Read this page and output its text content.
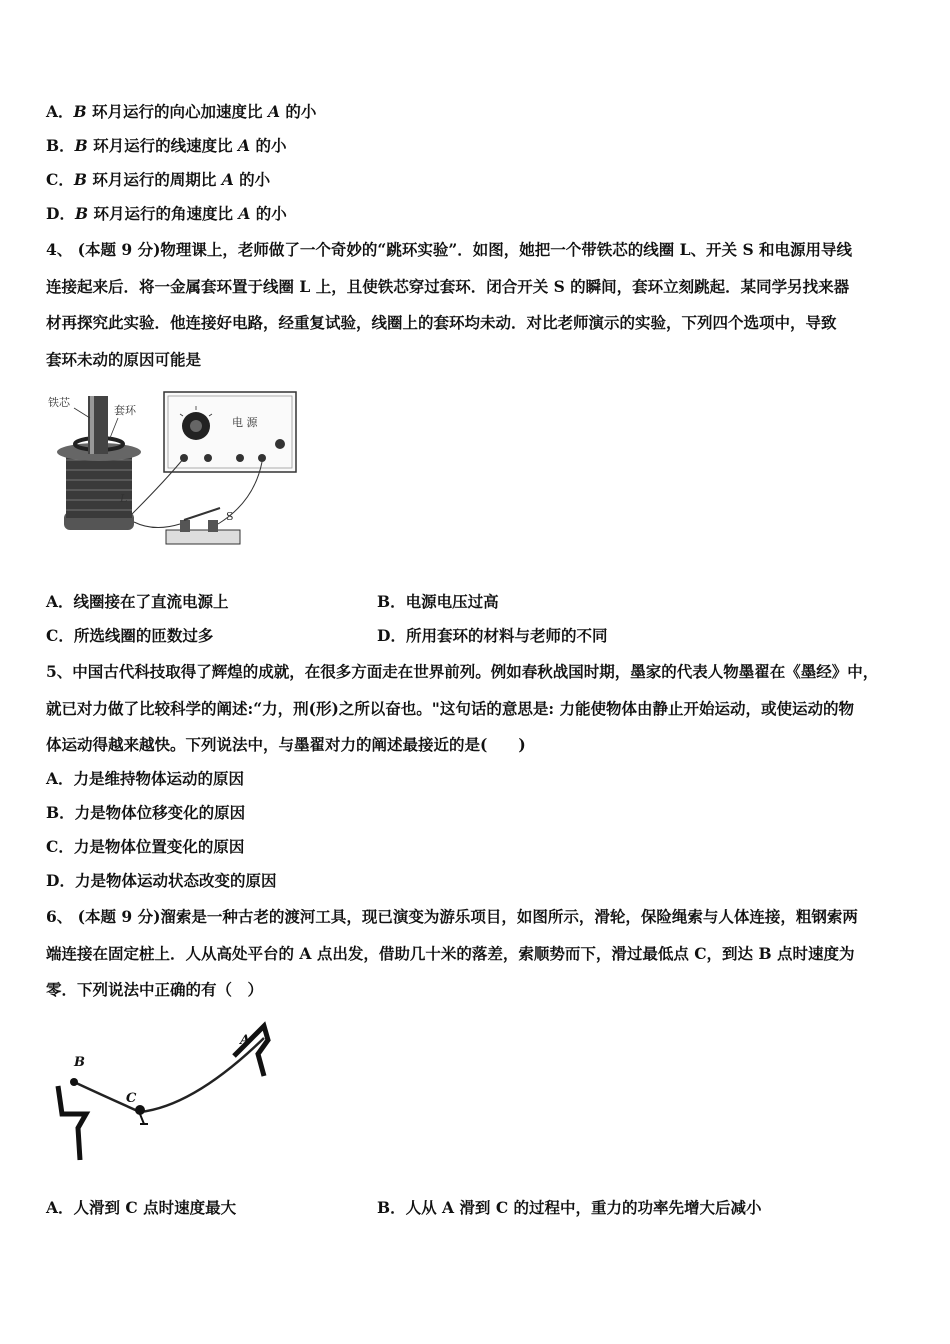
A．B 环月运行的向心加速度比 A 的小
B．B 环月运行的线速度比 A 的小
C．B 环月运行的周期比 A 的小
D．B 环月运行的角速度比 A 的小
4、 (本题 9 分)物理课上，老师做了一个奇妙的“跳环实验”．如图，她把一个带铁芯的线圈 L、开关 S 和电源用导线
连接起来后．将一金属套环置于线圈 L 上，且使铁芯穿过套环．闭合开关 S 的瞬间，套环立刻跳起．某同学另找来器
材再探究此实验．他连接好电路，经重复试验，线圈上的套环均未动．对比老师演示的实验，下列四个选项中，导致
套环未动的原因可能是
铁芯
套环
L
电 源
S
A．线圈接在了直流电源上	B．电源电压过高
C．所选线圈的匝数过多	D．所用套环的材料与老师的不同
5、中国古代科技取得了辉煌的成就，在很多方面走在世界前列。例如春秋战国时期，墨家的代表人物墨翟在《墨经》中，
就已对力做了比较科学的阐述:“力，刑(形)之所以奋也。"这句话的意思是: 力能使物体由静止开始运动，或使运动的物
体运动得越来越快。下列说法中，与墨翟对力的阐述最接近的是(　　)
A．力是维持物体运动的原因
B．力是物体位移变化的原因
C．力是物体位置变化的原因
D．力是物体运动状态改变的原因
6、 (本题 9 分)溜索是一种古老的渡河工具，现已演变为游乐项目，如图所示，滑轮，保险绳索与人体连接，粗钢索两
端连接在固定桩上．人从高处平台的 A 点出发，借助几十米的落差，索顺势而下，滑过最低点 C，到达 B 点时速度为
零．下列说法中正确的有（　）
A
B
C
A．人滑到 C 点时速度最大	B．人从 A 滑到 C 的过程中，重力的功率先增大后减小
